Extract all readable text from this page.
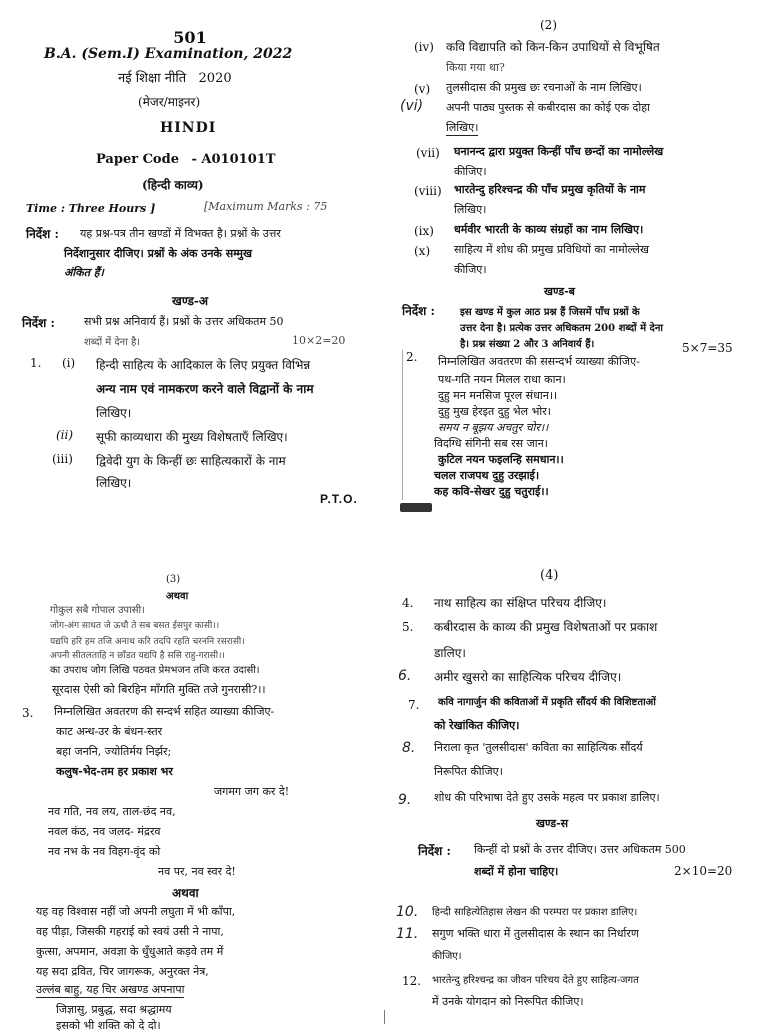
501
B.A. (Sem.I) Examination, 2022
नई शिक्षा नीति 2020
(मेजर/माइनर)
HINDI
Paper Code - A010101T
(हिन्दी काव्य)
Time : Three Hours ]	[Maximum Marks : 75
निर्देश : यह प्रश्न-पत्र तीन खण्डों में विभक्त है। प्रश्नों के उत्तर
निर्देशानुसार दीजिए। प्रश्नों के अंक उनके सम्मुख
अंकित हैं।
खण्ड-अ
निर्देश :	सभी प्रश्न अनिवार्य हैं। प्रश्नों के उत्तर अधिकतम 50
शब्दों में देना है।	10×2=20
1. (i) हिन्दी साहित्य के आदिकाल के लिए प्रयुक्त विभिन्न
अन्य नाम एवं नामकरण करने वाले विद्वानों के नाम
लिखिए।
(ii) सूफी काव्यधारा की मुख्य विशेषताएँ लिखिए।
(iii) द्विवेदी युग के किन्हीं छः साहित्यकारों के नाम
लिखिए।
P.T.O.
(2)
(iv) कवि विद्यापति को किन-किन उपाधियों से विभूषित
किया गया था?
(v) तुलसीदास की प्रमुख छः रचनाओं के नाम लिखिए।
(vi) अपनी पाठ्य पुस्तक से कबीरदास का कोई एक दोहा
लिखिए।
(vii) घनानन्द द्वारा प्रयुक्त किन्हीं पाँच छन्दों का नामोल्लेख
कीजिए।
(viii) भारतेन्दु हरिश्चन्द्र की पाँच प्रमुख कृतियों के नाम
लिखिए।
(ix) धर्मवीर भारती के काव्य संग्रहों का नाम लिखिए।
(x) साहित्य में शोध की प्रमुख प्रविधियों का नामोल्लेख
कीजिए।
खण्ड-ब
निर्देश :	इस खण्ड में कुल आठ प्रश्न हैं जिसमें पाँच प्रश्नों के
उत्तर देना है। प्रत्येक उत्तर अधिकतम 200 शब्दों में देना
है। प्रश्न संख्या 2 और 3 अनिवार्य हैं।	5×7=35
2. निम्नलिखित अवतरण की ससन्दर्भ व्याख्या कीजिए-
पथ-गति नयन मिलल राधा कान।
दुहु मन मनसिज पूरल संधान।।
दुहु मुख हेरइत दुहु भेल भोर।
समय न बूझय अचतुर चोर।।
विदग्धि संगिनी सब रस जान।
कुटिल नयन फइलन्हि समधान।।
चलल राजपथ दुहु उरझाई।
कह कवि-सेखर दुहु चतुराई।।
(3)
अथवा
गोकुल सबै गोपाल उपासी।
जोग-अंग साधत जे ऊधौ ते सब बसत ईसपुर कासी।।
यद्यपि हरि हम तजि अनाथ करि तदपि रहति चरननि रसरासी।
अपनी सीतलताहि न छाँडत यद्यपि है ससि राहु-गरासी।।
का उपराध जोग लिखि पठवत प्रेमभजन तजि करत उदासी।
सूरदास ऐसी को बिरहिन माँगति मुक्ति तजे गुनरासी?।।
3. निम्नलिखित अवतरण की सन्दर्भ सहित व्याख्या कीजिए-
काट अन्ध-उर के बंधन-स्तर
बहा जननि, ज्योतिर्मय निर्झर;
कलुष-भेद-तम हर प्रकाश भर
जगमग जग कर दे!
नव गति, नव लय, ताल-छंद नव,
नवल कंठ, नव जलद- मंद्ररव
नव नभ के नव विहग-वृंद को
नव पर, नव स्वर दे!
अथवा
यह वह विश्वास नहीं जो अपनी लघुता में भी काँपा,
वह पीड़ा, जिसकी गहराई को स्वयं उसी ने नापा,
कुत्सा, अपमान, अवज्ञा के धुँधुआते कड़वे तम में
यह सदा द्रवित, चिर जागरूक, अनुरक्त नेत्र,
उल्लंब बाहु, यह चिर अखण्ड अपनापा
जिज्ञासु, प्रबुद्ध, सदा श्रद्धामय
इसको भी शक्ति को दे दो।
(4)
4. नाथ साहित्य का संक्षिप्त परिचय दीजिए।
5. कबीरदास के काव्य की प्रमुख विशेषताओं पर प्रकाश
डालिए।
6. अमीर खुसरो का साहित्यिक परिचय दीजिए।
7. कवि नागार्जुन की कविताओं में प्रकृति सौंदर्य की विशिष्टताओं
को रेखांकित कीजिए।
8. निराला कृत 'तुलसीदास' कविता का साहित्यिक सौंदर्य
निरूपित कीजिए।
9. शोध की परिभाषा देते हुए उसके महत्व पर प्रकाश डालिए।
खण्ड-स
निर्देश : किन्हीं दो प्रश्नों के उत्तर दीजिए। उत्तर अधिकतम 500
शब्दों में होना चाहिए।	2×10=20
10. हिन्दी साहित्येतिहास लेखन की परम्परा पर प्रकाश डालिए।
11. सगुण भक्ति धारा में तुलसीदास के स्थान का निर्धारण
कीजिए।
12. भारतेन्दु हरिश्चन्द्र का जीवन परिचय देते हुए साहित्य-जगत
में उनके योगदान को निरूपित कीजिए।
